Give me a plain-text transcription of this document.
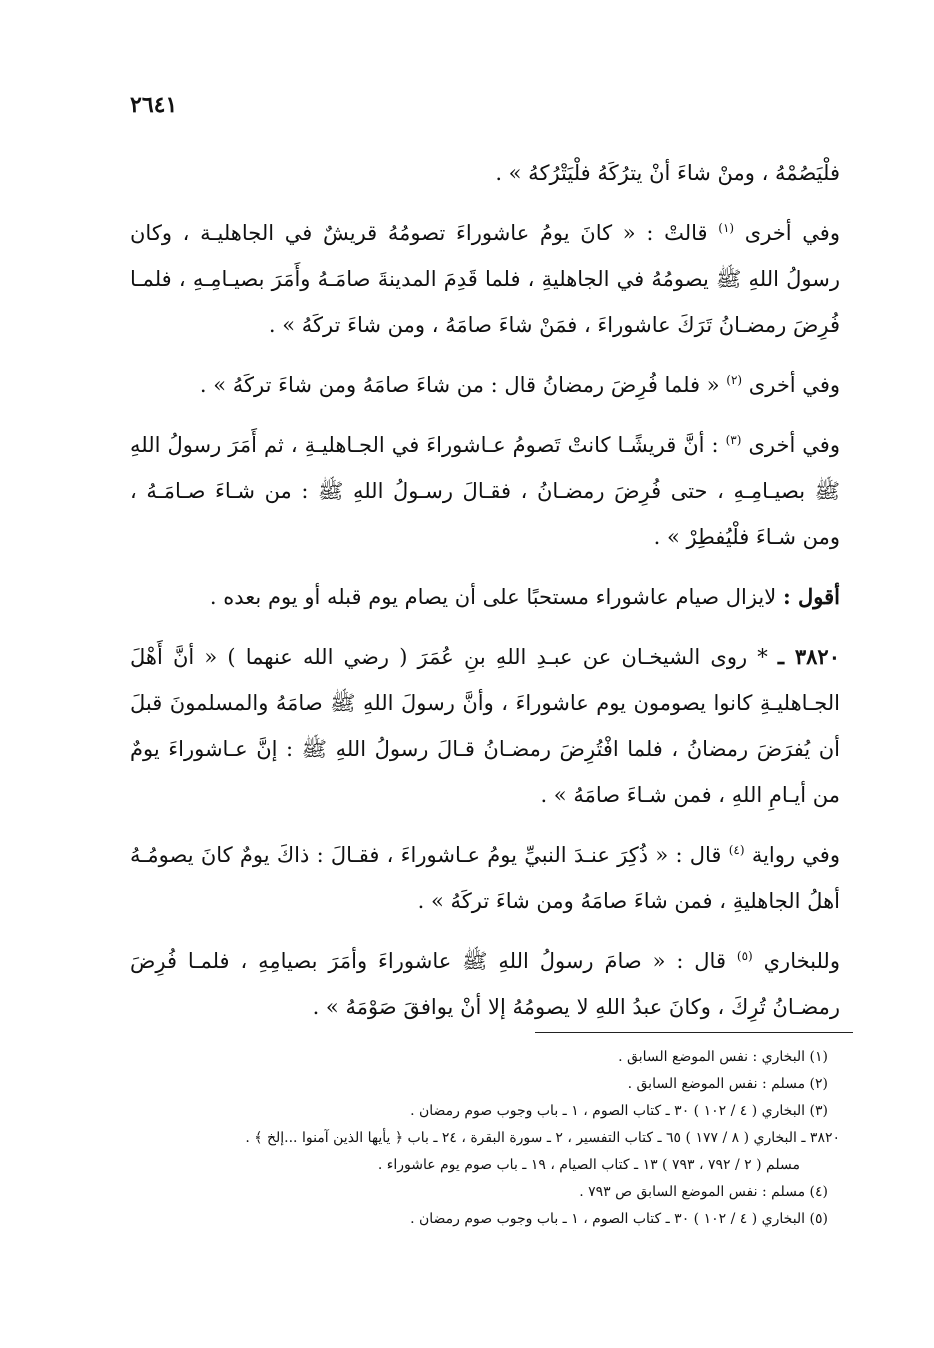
٢٦٤١

فلْيَصُمْهُ ، ومنْ شاءَ أنْ يترُكَهُ فلْيَتْرُكهُ » .

وفي أخرى $^{(١)}$ قالتْ : « كانَ يومُ عاشوراءَ تصومُهُ قريشٌ في الجاهليـة ، وكان رسولُ اللهِ ﷺ يصومُهُ في الجاهليةِ ، فلما قَدِمَ المدينةَ صامَـهُ وأَمَرَ بصيـامِـهِ ، فلمـا فُرِضَ رمضـانُ تَرَكَ عاشوراءَ ، فمَنْ شاءَ صامَهُ ، ومن شاءَ تركَهُ » .

وفي أخرى $^{(٢)}$ « فلما فُرِضَ رمضانُ قال : من شاءَ صامَهُ ومن شاءَ تركَهُ » .

وفي أخرى $^{(٣)}$ : أنَّ قريشًـا كانتْ تَصومُ عـاشوراءَ في الجـاهليـةِ ، ثم أَمَرَ رسولُ اللهِ ﷺ بصيـامِـهِ ، حتى فُرِضَ رمضـانُ ، فقـالَ رسـولُ اللهِ ﷺ : من شـاءَ صـامَـهُ ، ومن شـاءَ فلْيُفطِرْ » .

أقول : لايزال صيام عاشوراء مستحبًا على أن يصام يوم قبله أو يوم بعده .

٣٨٢٠ ـ * روى الشيخـان عن عبـدِ اللهِ بنِ عُمَرَ ( رضي الله عنهما ) « أنَّ أَهْلَ الجـاهليـةِ كانوا يصومون يوم عاشوراءَ ، وأنَّ رسولَ اللهِ ﷺ صامَهُ والمسلمونَ قبلَ أن يُفرَضَ رمضانُ ، فلما افْتُرِضَ رمضـانُ قـالَ رسولُ اللهِ ﷺ : إنَّ عـاشوراءَ يومٌ من أيـامِ اللهِ ، فمن شـاءَ صامَهُ » .

وفي رواية $^{(٤)}$ قال : « ذُكِرَ عنـدَ النبيِّ يومُ عـاشوراءَ ، فقـالَ : ذاكَ يومٌ كانَ يصومُـهُ أهلُ الجاهليةِ ، فمن شاءَ صامَهُ ومن شاءَ تركَهُ » .

وللبخاري $^{(٥)}$ قال : « صامَ رسولُ اللهِ ﷺ عاشوراءَ وأمَرَ بصيامِهِ ، فلمـا فُرِضَ رمضـانُ تُرِكَ ، وكانَ عبدُ اللهِ لا يصومُهُ إلا أنْ يوافقَ صَوْمَهُ » .

(١) البخاري : نفس الموضع السابق .

(٢) مسلم : نفس الموضع السابق .

(٣) البخاري ( ٤ / ١٠٢ ) ٣٠ ـ كتاب الصوم ، ١ ـ باب وجوب صوم رمضان .

٣٨٢٠ ـ البخاري ( ٨ / ١٧٧ ) ٦٥ ـ كتاب التفسير ، ٢ ـ سورة البقرة ، ٢٤ ـ باب ﴿ يأيها الذين آمنوا ...إلخ ﴾ .

مسلم ( ٢ / ٧٩٢ ، ٧٩٣ ) ١٣ ـ كتاب الصيام ، ١٩ ـ باب صوم يوم عاشوراء .

(٤) مسلم : نفس الموضع السابق ص ٧٩٣ .

(٥) البخاري ( ٤ / ١٠٢ ) ٣٠ ـ كتاب الصوم ، ١ ـ باب وجوب صوم رمضان .
